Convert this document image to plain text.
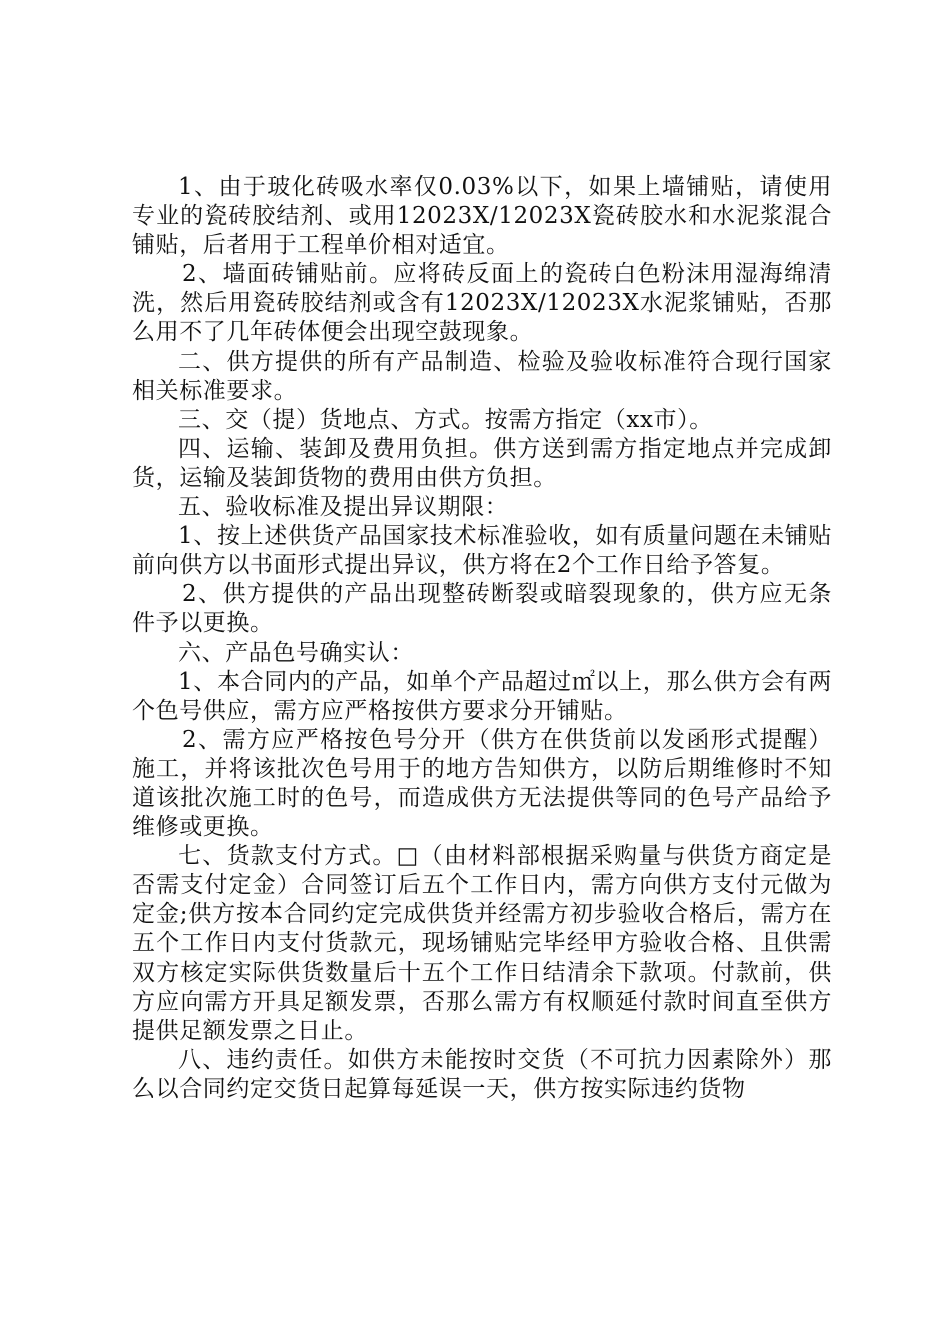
1、由于玻化砖吸水率仅0.03%以下，如果上墙铺贴，请使用专业的瓷砖胶结剂、或用12023X/12023X瓷砖胶水和水泥浆混合铺贴，后者用于工程单价相对适宜。

2、墙面砖铺贴前。应将砖反面上的瓷砖白色粉沫用湿海绵清洗，然后用瓷砖胶结剂或含有12023X/12023X水泥浆铺贴，否那么用不了几年砖体便会出现空鼓现象。

二、供方提供的所有产品制造、检验及验收标准符合现行国家相关标准要求。

三、交（提）货地点、方式。按需方指定（xx市）。

四、运输、装卸及费用负担。供方送到需方指定地点并完成卸货，运输及装卸货物的费用由供方负担。

五、验收标准及提出异议期限：

1、按上述供货产品国家技术标准验收，如有质量问题在未铺贴前向供方以书面形式提出异议，供方将在2个工作日给予答复。

2、供方提供的产品出现整砖断裂或暗裂现象的，供方应无条件予以更换。

六、产品色号确实认：

1、本合同内的产品，如单个产品超过㎡以上，那么供方会有两个色号供应，需方应严格按供方要求分开铺贴。

2、需方应严格按色号分开（供方在供货前以发函形式提醒）施工，并将该批次色号用于的地方告知供方，以防后期维修时不知道该批次施工时的色号，而造成供方无法提供等同的色号产品给予维修或更换。

七、货款支付方式。□（由材料部根据采购量与供货方商定是否需支付定金）合同签订后五个工作日内，需方向供方支付元做为定金;供方按本合同约定完成供货并经需方初步验收合格后，需方在五个工作日内支付货款元，现场铺贴完毕经甲方验收合格、且供需双方核定实际供货数量后十五个工作日结清余下款项。付款前，供方应向需方开具足额发票，否那么需方有权顺延付款时间直至供方提供足额发票之日止。

八、违约责任。如供方未能按时交货（不可抗力因素除外）那么以合同约定交货日起算每延误一天，供方按实际违约货物
